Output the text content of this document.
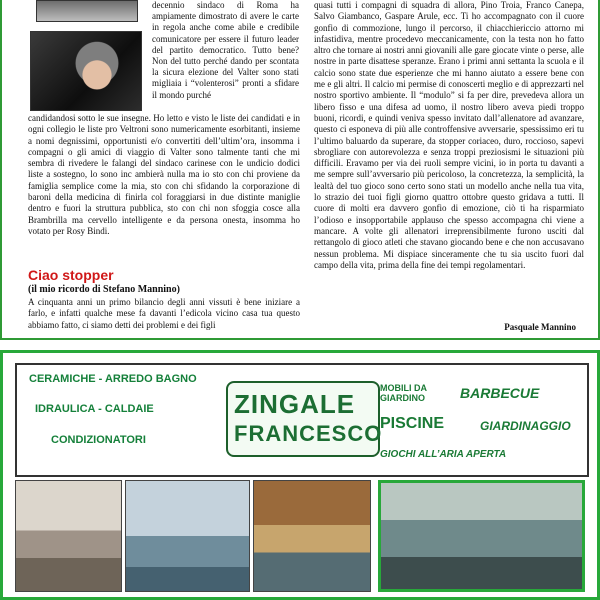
decennio sindaco di Roma ha ampiamente dimostrato di avere le carte in regola anche come abile e credibile comunicatore per essere il futuro leader del partito democratico. Tutto bene? Non del tutto perché dando per scontata la sicura elezione del Valter sono stati migliaia i “volenterosi” pronti a sfidare il mondo purché

candidandosi sotto le sue insegne. Ho letto e visto le liste dei candidati e in ogni collegio le liste pro Veltroni sono numericamente esorbitanti, insieme a nomi degnissimi, opportunisti e/o convertiti dell’ultim’ora, insomma i compagni o gli amici di viaggio di Valter sono talmente tanti che mi sembra di rivedere le falangi del sindaco carinese con le undicio dodici liste a sostegno, lo sono inc ambierà nulla ma io sto con chi proviene da famiglia semplice come la mia, sto con chi sfidando la corporazione di baroni della medicina di finirla col foraggiarsi in due distinte maniglie dentro e fuori la struttura pubblica, sto con chi non sfoggia cosce alla Brambrilla ma cervello intelligente e da persona onesta, insomma ho votato per Rosy Bindi.

Ciao stopper
(il mio ricordo di Stefano Mannino)
A cinquanta anni un primo bilancio degli anni vissuti è bene iniziare a farlo, e infatti qualche mese fa davanti l’edicola vicino casa tua questo abbiamo fatto, ci siamo detti dei problemi e dei figli

quasi tutti i compagni di squadra di allora, Pino Troia, Franco Canepa, Salvo Giambanco, Gaspare Arule, ecc. Ti ho accompagnato con il cuore gonfio di commozione, lungo il percorso, il chiacchiericcio attorno mi infastidiva, mentre procedevo meccanicamente, con la testa non ho fatto altro che tornare ai nostri anni giovanili alle gare giocate vinte o perse, alle nostre in parte disattese speranze. Erano i primi anni settanta la scuola e il calcio sono state due esperienze che mi hanno aiutato a essere bene con me e gli altri. Il calcio mi permise di conoscerti meglio e di apprezzarti nel nostro sportivo ambiente. Il “modulo” si fa per dire, prevedeva allora un libero fisso e una difesa ad uomo, il nostro libero aveva piedi troppo buoni, ricordi, e quindi veniva spesso invitato dall’allenatore ad avanzare, questo ci esponeva di più alle controffensive avversarie, spessissimo eri tu l’ultimo baluardo da superare, da stopper coriaceo, duro, roccioso, sapevi sbrogliare con autorevolezza e senza troppi preziosismi le situazioni più difficili. Eravamo per via dei ruoli sempre vicini, io in porta tu davanti a me sempre sull’avversario più pericoloso, la concretezza, la semplicità, la lealtà del tuo gioco sono certo sono stati un modello anche nella tua vita, lo strazio dei tuoi figli giorno quattro ottobre questo gridava a tutti. Il cuore di molti era davvero gonfio di emozione, ciò ti ha risparmiato l’odioso e insopportabile applauso che spesso accompagna chi viene a mancare. A volte gli allenatori irreprensibilmente furono usciti dal rettangolo di gioco atleti che stavano giocando bene e che non accusavano nessun problema. Mi dispiace sinceramente che tu sia uscito fuori dal campo della vita, prima della fine dei tempi regolamentari.

Pasquale Mannino
CERAMICHE - ARREDO BAGNO
IDRAULICA - CALDAIE
CONDIZIONATORI
ZINGALE
FRANCESCO
MOBILI DA GIARDINO	BARBECUE
PISCINE	GIARDINAGGIO
GIOCHI ALL’ARIA APERTA
